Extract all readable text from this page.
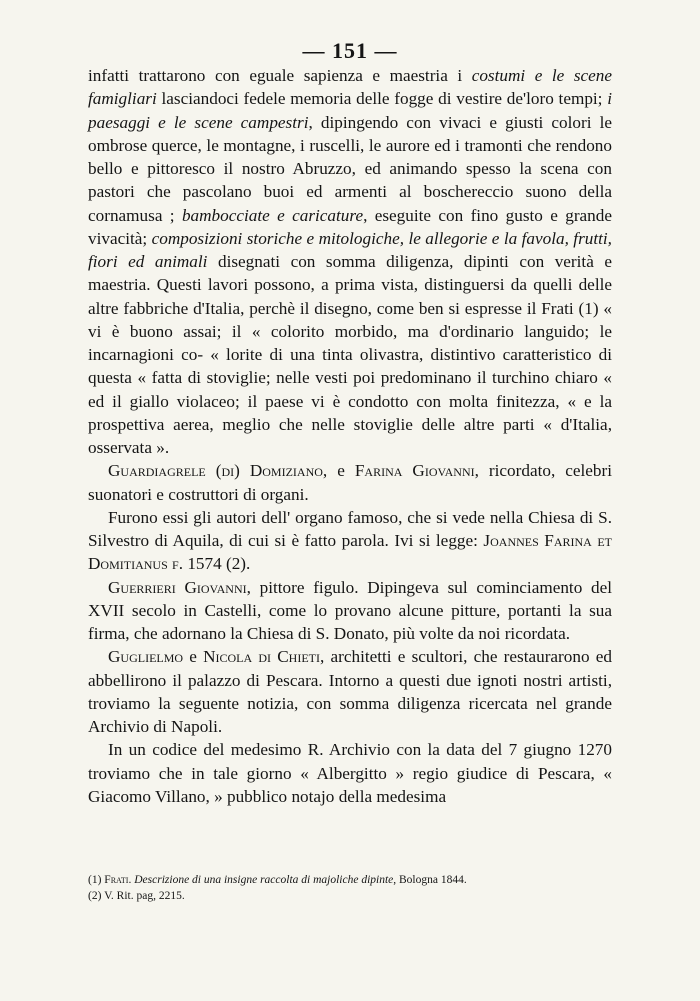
— 151 —

infatti trattarono con eguale sapienza e maestria i costumi e le scene famigliari lasciandoci fedele memoria delle fogge di vestire de'loro tempi; i paesaggi e le scene campestri, dipingendo con vivaci e giusti colori le ombrose querce, le montagne, i ruscelli, le aurore ed i tramonti che rendono bello e pittoresco il nostro Abruzzo, ed animando spesso la scena con pastori che pascolano buoi ed armenti al boschereccio suono della cornamusa ; bambocciate e caricature, eseguite con fino gusto e grande vivacità; composizioni storiche e mitologiche, le allegorie e la favola, frutti, fiori ed animali disegnati con somma diligenza, dipinti con verità e maestria. Questi lavori possono, a prima vista, distinguersi da quelli delle altre fabbriche d'Italia, perchè il disegno, come ben si espresse il Frati (1) « vi è buono assai; il « colorito morbido, ma d'ordinario languido; le incarnagioni co- « lorite di una tinta olivastra, distintivo caratteristico di questa « fatta di stoviglie; nelle vesti poi predominano il turchino chiaro « ed il giallo violaceo; il paese vi è condotto con molta finitezza, « e la prospettiva aerea, meglio che nelle stoviglie delle altre parti « d'Italia, osservata ».

Guardiagrele (di) Domiziano, e Farina Giovanni, ricordato, celebri suonatori e costruttori di organi.

Furono essi gli autori dell' organo famoso, che si vede nella Chiesa di S. Silvestro di Aquila, di cui si è fatto parola. Ivi si legge: Joannes Farina et Domitianus f. 1574 (2).

Guerrieri Giovanni, pittore figulo. Dipingeva sul cominciamento del XVII secolo in Castelli, come lo provano alcune pitture, portanti la sua firma, che adornano la Chiesa di S. Donato, più volte da noi ricordata.

Guglielmo e Nicola di Chieti, architetti e scultori, che restaurarono ed abbellirono il palazzo di Pescara. Intorno a questi due ignoti nostri artisti, troviamo la seguente notizia, con somma diligenza ricercata nel grande Archivio di Napoli.

In un codice del medesimo R. Archivio con la data del 7 giugno 1270 troviamo che in tale giorno « Albergitto » regio giudice di Pescara, « Giacomo Villano, » pubblico notajo della medesima

(1) Frati. Descrizione di una insigne raccolta di majoliche dipinte, Bologna 1844.

(2) V. Rit. pag, 2215.
